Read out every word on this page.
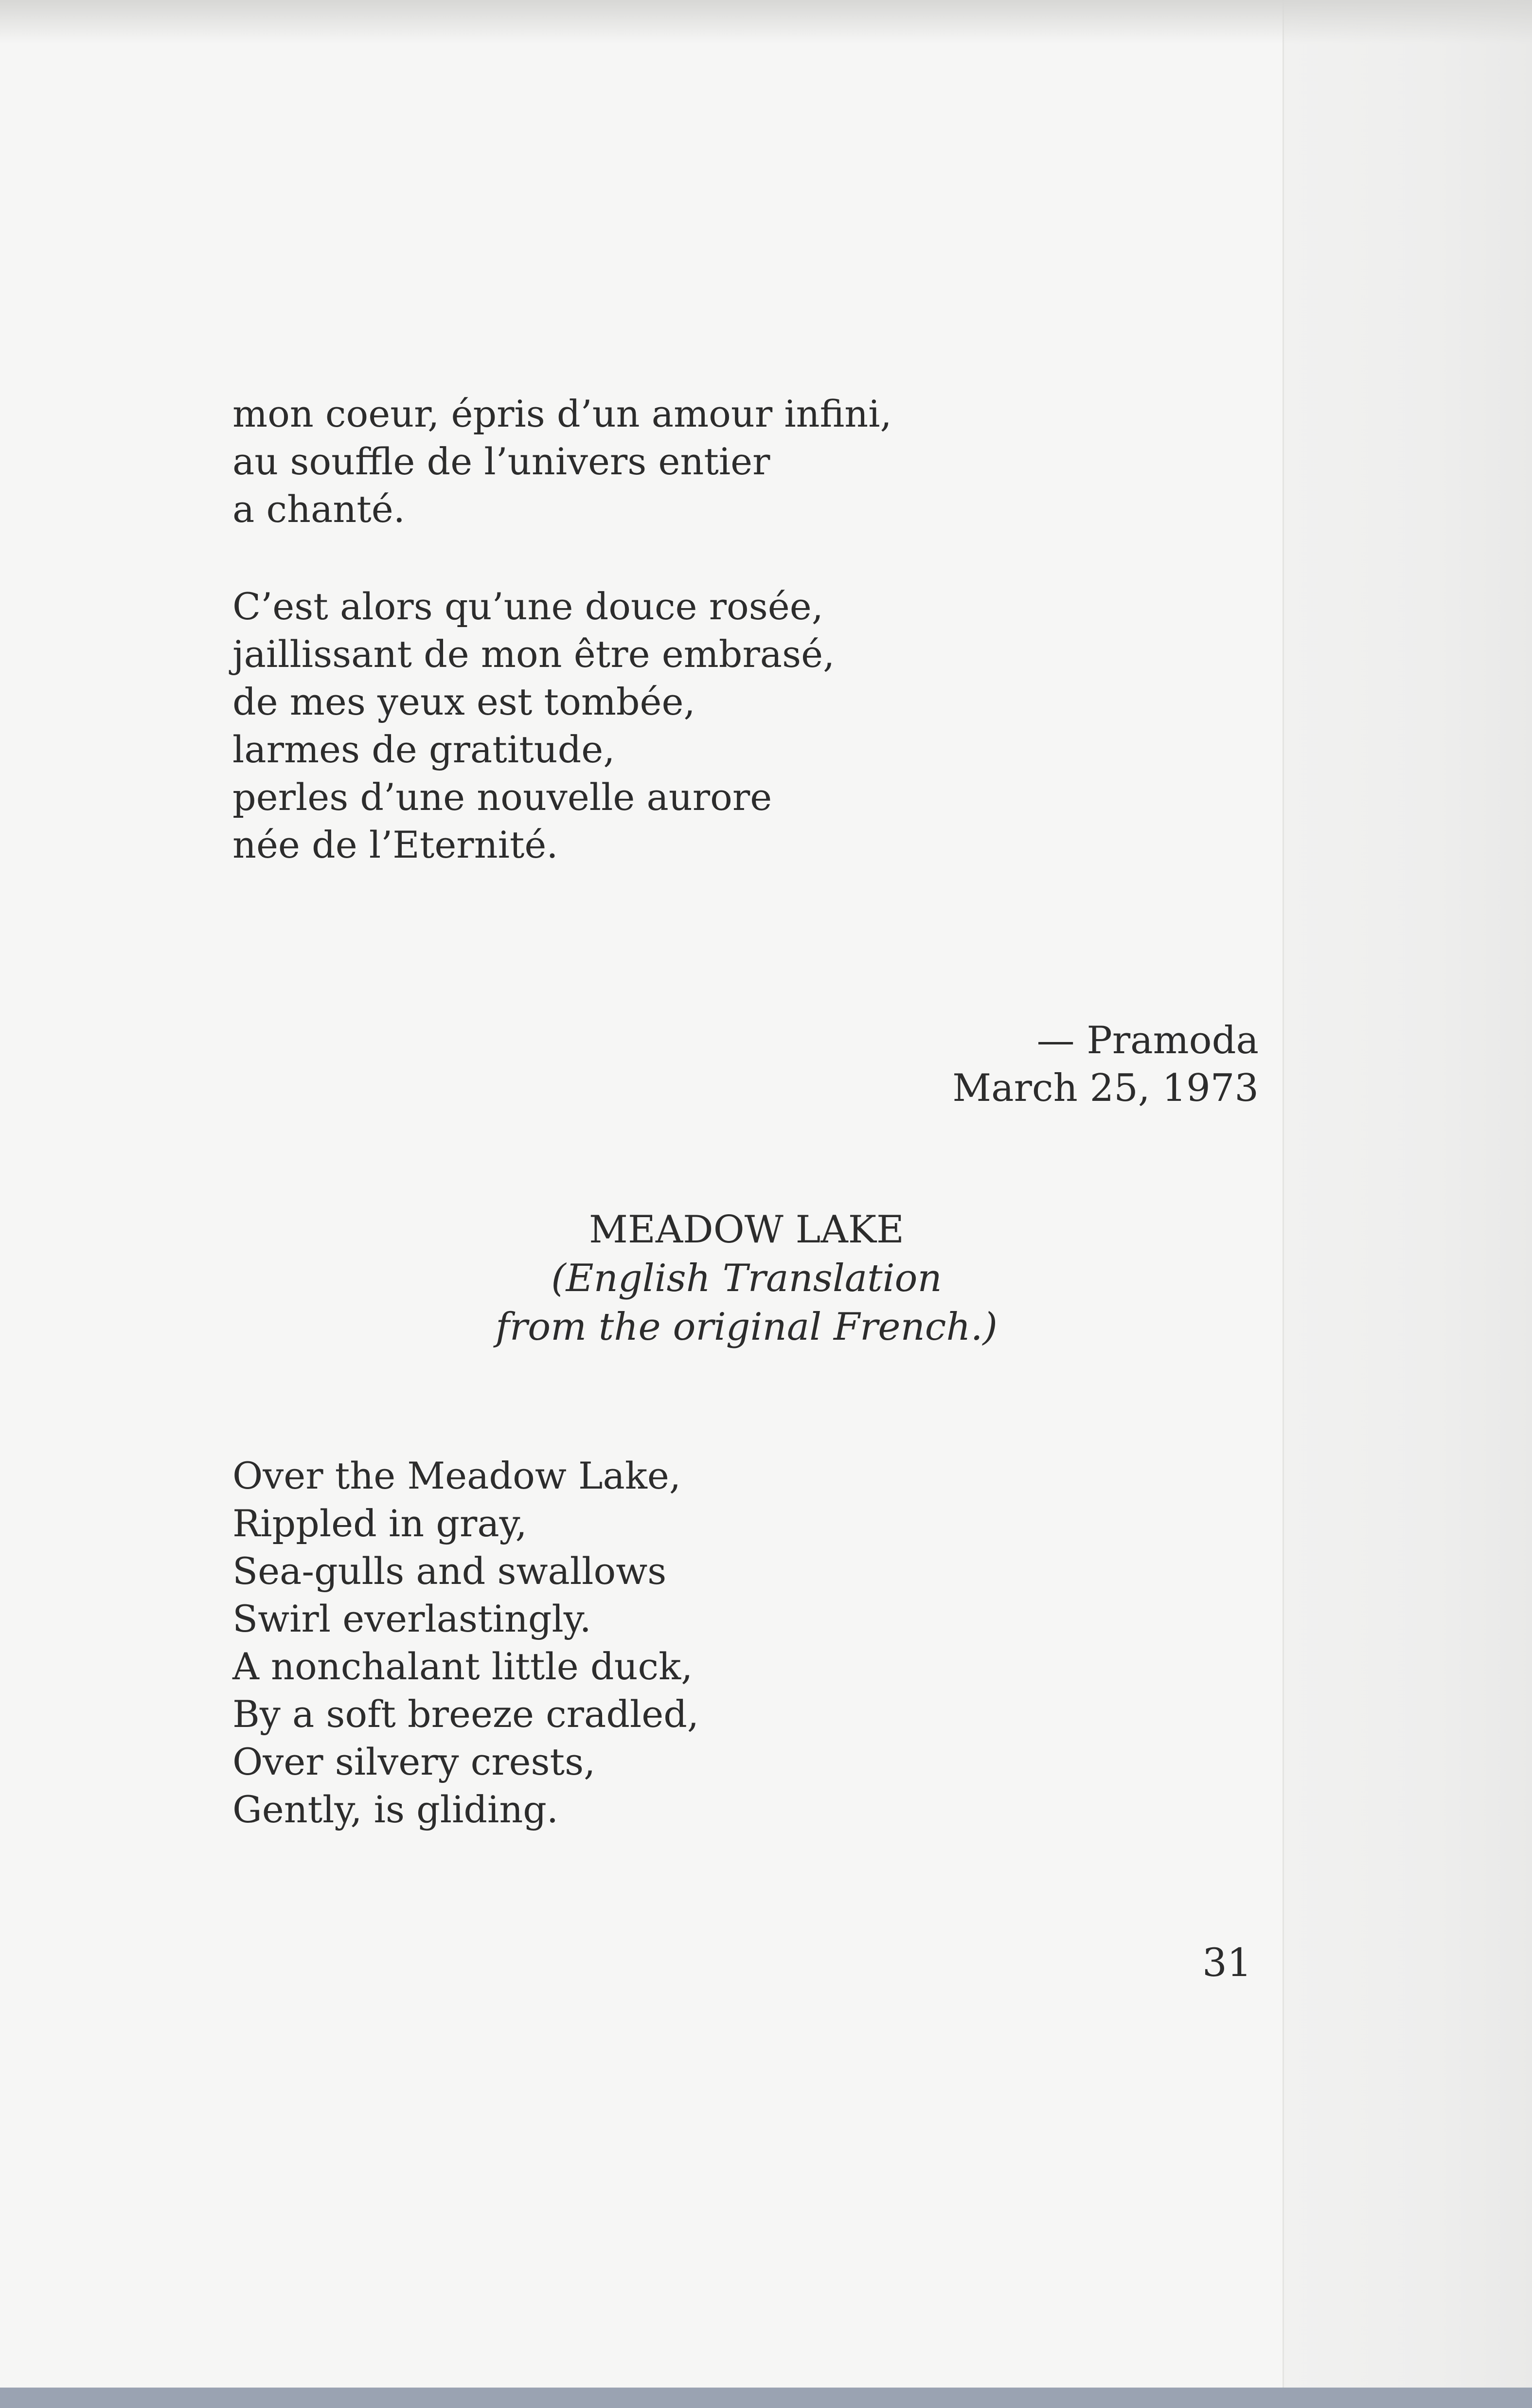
mon coeur, épris d’un amour infini,
au souffle de l’univers entier
a chanté.
C’est alors qu’une douce rosée,
jaillissant de mon être embrasé,
de mes yeux est tombée,
larmes de gratitude,
perles d’une nouvelle aurore
née de l’Eternité.
— Pramoda
March 25, 1973
MEADOW LAKE
(English Translation
from the original French.)
Over the Meadow Lake,
Rippled in gray,
Sea-gulls and swallows
Swirl everlastingly.
A nonchalant little duck,
By a soft breeze cradled,
Over silvery crests,
Gently, is gliding.
31
